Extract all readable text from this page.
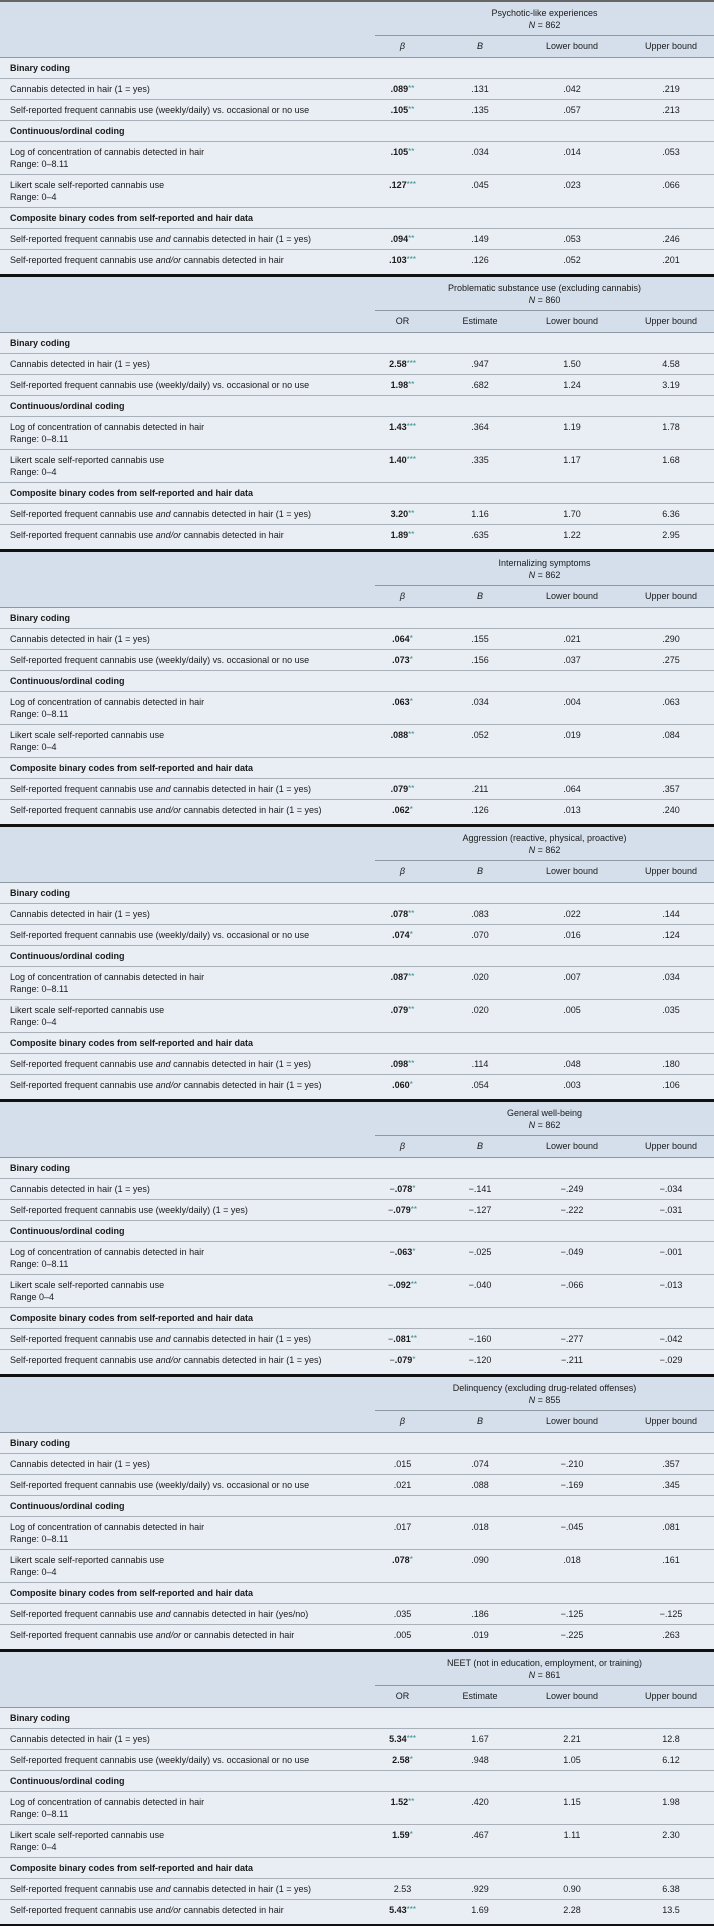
Psychotic-like experiences
N = 862
β	B	Lower bound	Upper bound
Binary coding
Cannabis detected in hair (1 = yes)	.089**	.131	.042	.219
Self-reported frequent cannabis use (weekly/daily) vs. occasional or no use	.105**	.135	.057	.213
Continuous/ordinal coding
Log of concentration of cannabis detected in hair
Range: 0–8.11
.105**	.034	.014	.053
Likert scale self-reported cannabis use
Range: 0–4
.127***	.045	.023	.066
Composite binary codes from self-reported and hair data
Self-reported frequent cannabis use and cannabis detected in hair (1 = yes)	.094**	.149	.053	.246
Self-reported frequent cannabis use and/or cannabis detected in hair	.103***	.126	.052	.201
Problematic substance use (excluding cannabis)
N = 860
OR	Estimate	Lower bound	Upper bound
Binary coding
Cannabis detected in hair (1 = yes)	2.58***	.947	1.50	4.58
Self-reported frequent cannabis use (weekly/daily) vs. occasional or no use	1.98**	.682	1.24	3.19
Continuous/ordinal coding
Log of concentration of cannabis detected in hair
Range: 0–8.11
1.43***	.364	1.19	1.78
Likert scale self-reported cannabis use
Range: 0–4
1.40***	.335	1.17	1.68
Composite binary codes from self-reported and hair data
Self-reported frequent cannabis use and cannabis detected in hair (1 = yes)	3.20**	1.16	1.70	6.36
Self-reported frequent cannabis use and/or cannabis detected in hair	1.89**	.635	1.22	2.95
Internalizing symptoms
N = 862
β	B	Lower bound	Upper bound
Binary coding
Cannabis detected in hair (1 = yes)	.064*	.155	.021	.290
Self-reported frequent cannabis use (weekly/daily) vs. occasional or no use	.073*	.156	.037	.275
Continuous/ordinal coding
Log of concentration of cannabis detected in hair
Range: 0–8.11
.063*	.034	.004	.063
Likert scale self-reported cannabis use
Range: 0–4
.088**	.052	.019	.084
Composite binary codes from self-reported and hair data
Self-reported frequent cannabis use and cannabis detected in hair (1 = yes)	.079**	.211	.064	.357
Self-reported frequent cannabis use and/or cannabis detected in hair (1 = yes)	.062*	.126	.013	.240
Aggression (reactive, physical, proactive)
N = 862
β	B	Lower bound	Upper bound
Binary coding
Cannabis detected in hair (1 = yes)	.078**	.083	.022	.144
Self-reported frequent cannabis use (weekly/daily) vs. occasional or no use	.074*	.070	.016	.124
Continuous/ordinal coding
Log of concentration of cannabis detected in hair
Range: 0–8.11
.087**	.020	.007	.034
Likert scale self-reported cannabis use
Range: 0–4
.079**	.020	.005	.035
Composite binary codes from self-reported and hair data
Self-reported frequent cannabis use and cannabis detected in hair (1 = yes)	.098**	.114	.048	.180
Self-reported frequent cannabis use and/or cannabis detected in hair (1 = yes)	.060*	.054	.003	.106
General well-being
N = 862
β	B	Lower bound	Upper bound
Binary coding
Cannabis detected in hair (1 = yes)	−.078*	−.141	−.249	−.034
Self-reported frequent cannabis use (weekly/daily) (1 = yes)	−.079**	−.127	−.222	−.031
Continuous/ordinal coding
Log of concentration of cannabis detected in hair
Range: 0–8.11
−.063*	−.025	−.049	−.001
Likert scale self-reported cannabis use
Range 0–4
−.092**	−.040	−.066	−.013
Composite binary codes from self-reported and hair data
Self-reported frequent cannabis use and cannabis detected in hair (1 = yes)	−.081**	−.160	−.277	−.042
Self-reported frequent cannabis use and/or cannabis detected in hair (1 = yes)	−.079*	−.120	−.211	−.029
Delinquency (excluding drug-related offenses)
N = 855
β	B	Lower bound	Upper bound
Binary coding
Cannabis detected in hair (1 = yes)	.015	.074	−.210	.357
Self-reported frequent cannabis use (weekly/daily) vs. occasional or no use	.021	.088	−.169	.345
Continuous/ordinal coding
Log of concentration of cannabis detected in hair
Range: 0–8.11
.017	.018	−.045	.081
Likert scale self-reported cannabis use
Range: 0–4
.078*	.090	.018	.161
Composite binary codes from self-reported and hair data
Self-reported frequent cannabis use and cannabis detected in hair (yes/no)	.035	.186	−.125	−.125
Self-reported frequent cannabis use and/or or cannabis detected in hair	.005	.019	−.225	.263
NEET (not in education, employment, or training)
N = 861
OR	Estimate	Lower bound	Upper bound
Binary coding
Cannabis detected in hair (1 = yes)	5.34***	1.67	2.21	12.8
Self-reported frequent cannabis use (weekly/daily) vs. occasional or no use	2.58*	.948	1.05	6.12
Continuous/ordinal coding
Log of concentration of cannabis detected in hair
Range: 0–8.11
1.52**	.420	1.15	1.98
Likert scale self-reported cannabis use
Range: 0–4
1.59*	.467	1.11	2.30
Composite binary codes from self-reported and hair data
Self-reported frequent cannabis use and cannabis detected in hair (1 = yes)	2.53	.929	0.90	6.38
Self-reported frequent cannabis use and/or cannabis detected in hair	5.43***	1.69	2.28	13.5
